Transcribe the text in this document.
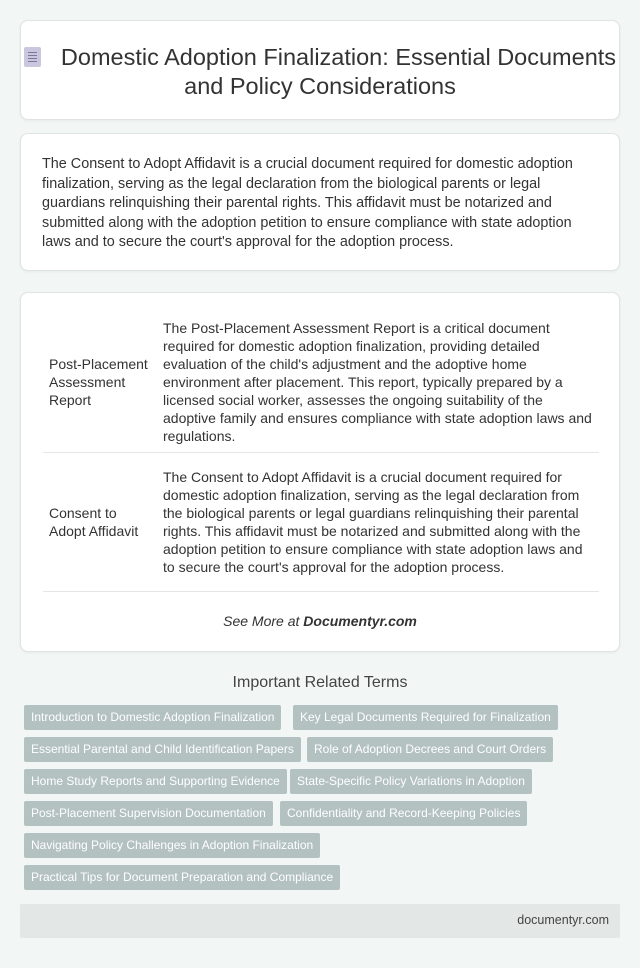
Domestic Adoption Finalization: Essential Documents and Policy Considerations

The Consent to Adopt Affidavit is a crucial document required for domestic adoption finalization, serving as the legal declaration from the biological parents or legal guardians relinquishing their parental rights. This affidavit must be notarized and submitted along with the adoption petition to ensure compliance with state adoption laws and to secure the court's approval for the adoption process.

Post-Placement Assessment Report	The Post-Placement Assessment Report is a critical document required for domestic adoption finalization, providing detailed evaluation of the child's adjustment and the adoptive home environment after placement. This report, typically prepared by a licensed social worker, assesses the ongoing suitability of the adoptive family and ensures compliance with state adoption laws and regulations.
Consent to Adopt Affidavit	The Consent to Adopt Affidavit is a crucial document required for domestic adoption finalization, serving as the legal declaration from the biological parents or legal guardians relinquishing their parental rights. This affidavit must be notarized and submitted along with the adoption petition to ensure compliance with state adoption laws and to secure the court's approval for the adoption process.
See More at Documentyr.com
Important Related Terms
Introduction to Domestic Adoption Finalization	Key Legal Documents Required for Finalization
Essential Parental and Child Identification Papers	Role of Adoption Decrees and Court Orders
Home Study Reports and Supporting Evidence	State-Specific Policy Variations in Adoption
Post-Placement Supervision Documentation	Confidentiality and Record-Keeping Policies
Navigating Policy Challenges in Adoption Finalization
Practical Tips for Document Preparation and Compliance
documentyr.com
